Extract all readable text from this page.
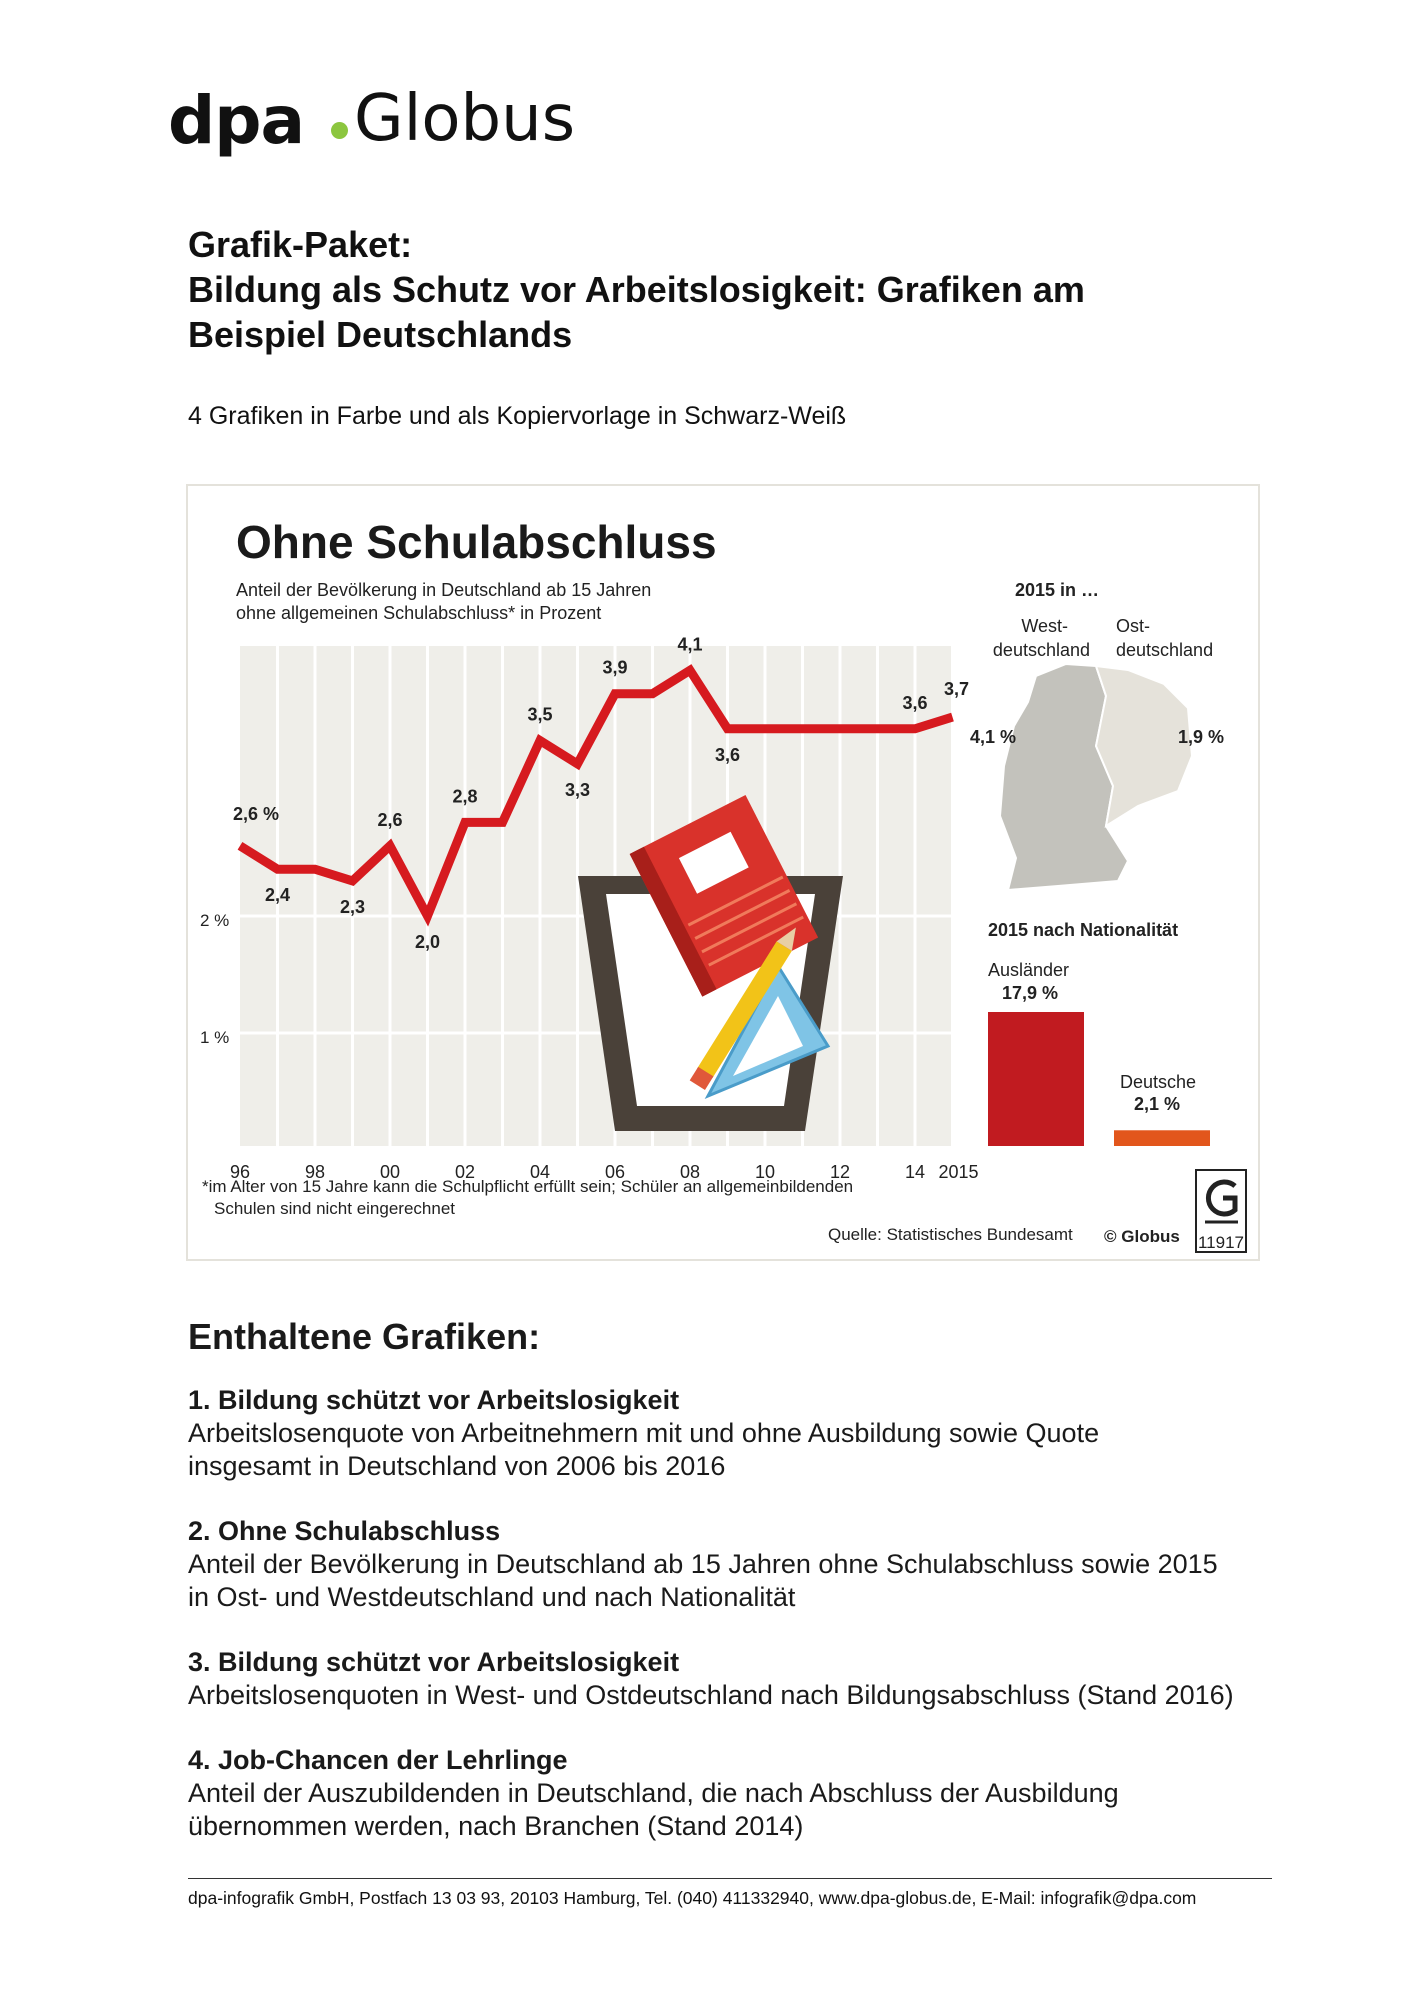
dpa Globus
Grafik-Paket:
Bildung als Schutz vor Arbeitslosigkeit: Grafiken am
Beispiel Deutschlands
4 Grafiken in Farbe und als Kopiervorlage in Schwarz-Weiß
2,6 %
2,4
2,3
2,6
2,0
2,8
3,5
3,3
3,9
4,1
3,6
3,6
3,7
96	98	00	02	04	06	08	10	12	14 2015
2 %
1 %
Ohne Schulabschluss
Anteil der Bevölkerung in Deutschland ab 15 Jahren
ohne allgemeinen Schulabschluss* in Prozent
2015 in …
West-
deutschland
Ost-
deutschland
4,1 %	1,9 %
2015 nach Nationalität
Ausländer
17,9 %
Deutsche
2,1 %
*im Alter von 15 Jahre kann die Schulpflicht erfüllt sein; Schüler an allgemeinbildenden
Schulen sind nicht eingerechnet
Quelle: Statistisches Bundesamt © Globus 11917
Enthaltene Grafiken:
1. Bildung schützt vor Arbeitslosigkeit
Arbeitslosenquote von Arbeitnehmern mit und ohne Ausbildung sowie Quote
insgesamt in Deutschland von 2006 bis 2016
2. Ohne Schulabschluss
Anteil der Bevölkerung in Deutschland ab 15 Jahren ohne Schulabschluss sowie 2015
in Ost- und Westdeutschland und nach Nationalität
3. Bildung schützt vor Arbeitslosigkeit
Arbeitslosenquoten in West- und Ostdeutschland nach Bildungsabschluss (Stand 2016)
4. Job-Chancen der Lehrlinge
Anteil der Auszubildenden in Deutschland, die nach Abschluss der Ausbildung
übernommen werden, nach Branchen (Stand 2014)
dpa-infografik GmbH, Postfach 13 03 93, 20103 Hamburg, Tel. (040) 411332940, www.dpa-globus.de, E-Mail: infografik@dpa.com
